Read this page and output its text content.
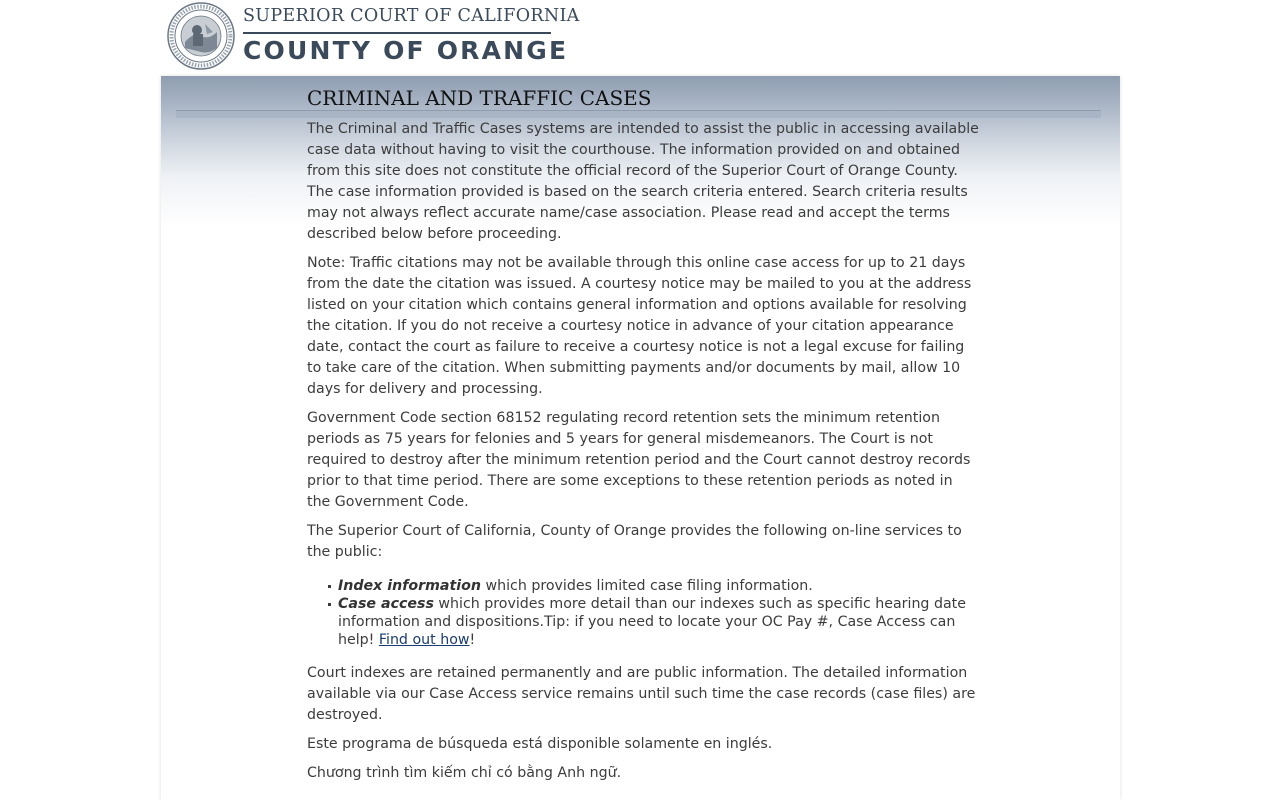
SUPERIOR COURT OF CALIFORNIA
COUNTY OF ORANGE
CRIMINAL AND TRAFFIC CASES

The Criminal and Traffic Cases systems are intended to assist the public in accessing available case data without having to visit the courthouse. The information provided on and obtained from this site does not constitute the official record of the Superior Court of Orange County. The case information provided is based on the search criteria entered. Search criteria results may not always reflect accurate name/case association. Please read and accept the terms described below before proceeding.

Note: Traffic citations may not be available through this online case access for up to 21 days from the date the citation was issued. A courtesy notice may be mailed to you at the address listed on your citation which contains general information and options available for resolving the citation. If you do not receive a courtesy notice in advance of your citation appearance date, contact the court as failure to receive a courtesy notice is not a legal excuse for failing to take care of the citation. When submitting payments and/or documents by mail, allow 10 days for delivery and processing.

Government Code section 68152 regulating record retention sets the minimum retention periods as 75 years for felonies and 5 years for general misdemeanors. The Court is not required to destroy after the minimum retention period and the Court cannot destroy records prior to that time period. There are some exceptions to these retention periods as noted in the Government Code.

The Superior Court of California, County of Orange provides the following on-line services to the public:

Index information which provides limited case filing information.
Case access which provides more detail than our indexes such as specific hearing date information and dispositions.Tip: if you need to locate your OC Pay #, Case Access can help! Find out how!

Court indexes are retained permanently and are public information. The detailed information available via our Case Access service remains until such time the case records (case files) are destroyed.

Este programa de búsqueda está disponible solamente en inglés.

Chương trình tìm kiếm chỉ có bằng Anh ngữ.
